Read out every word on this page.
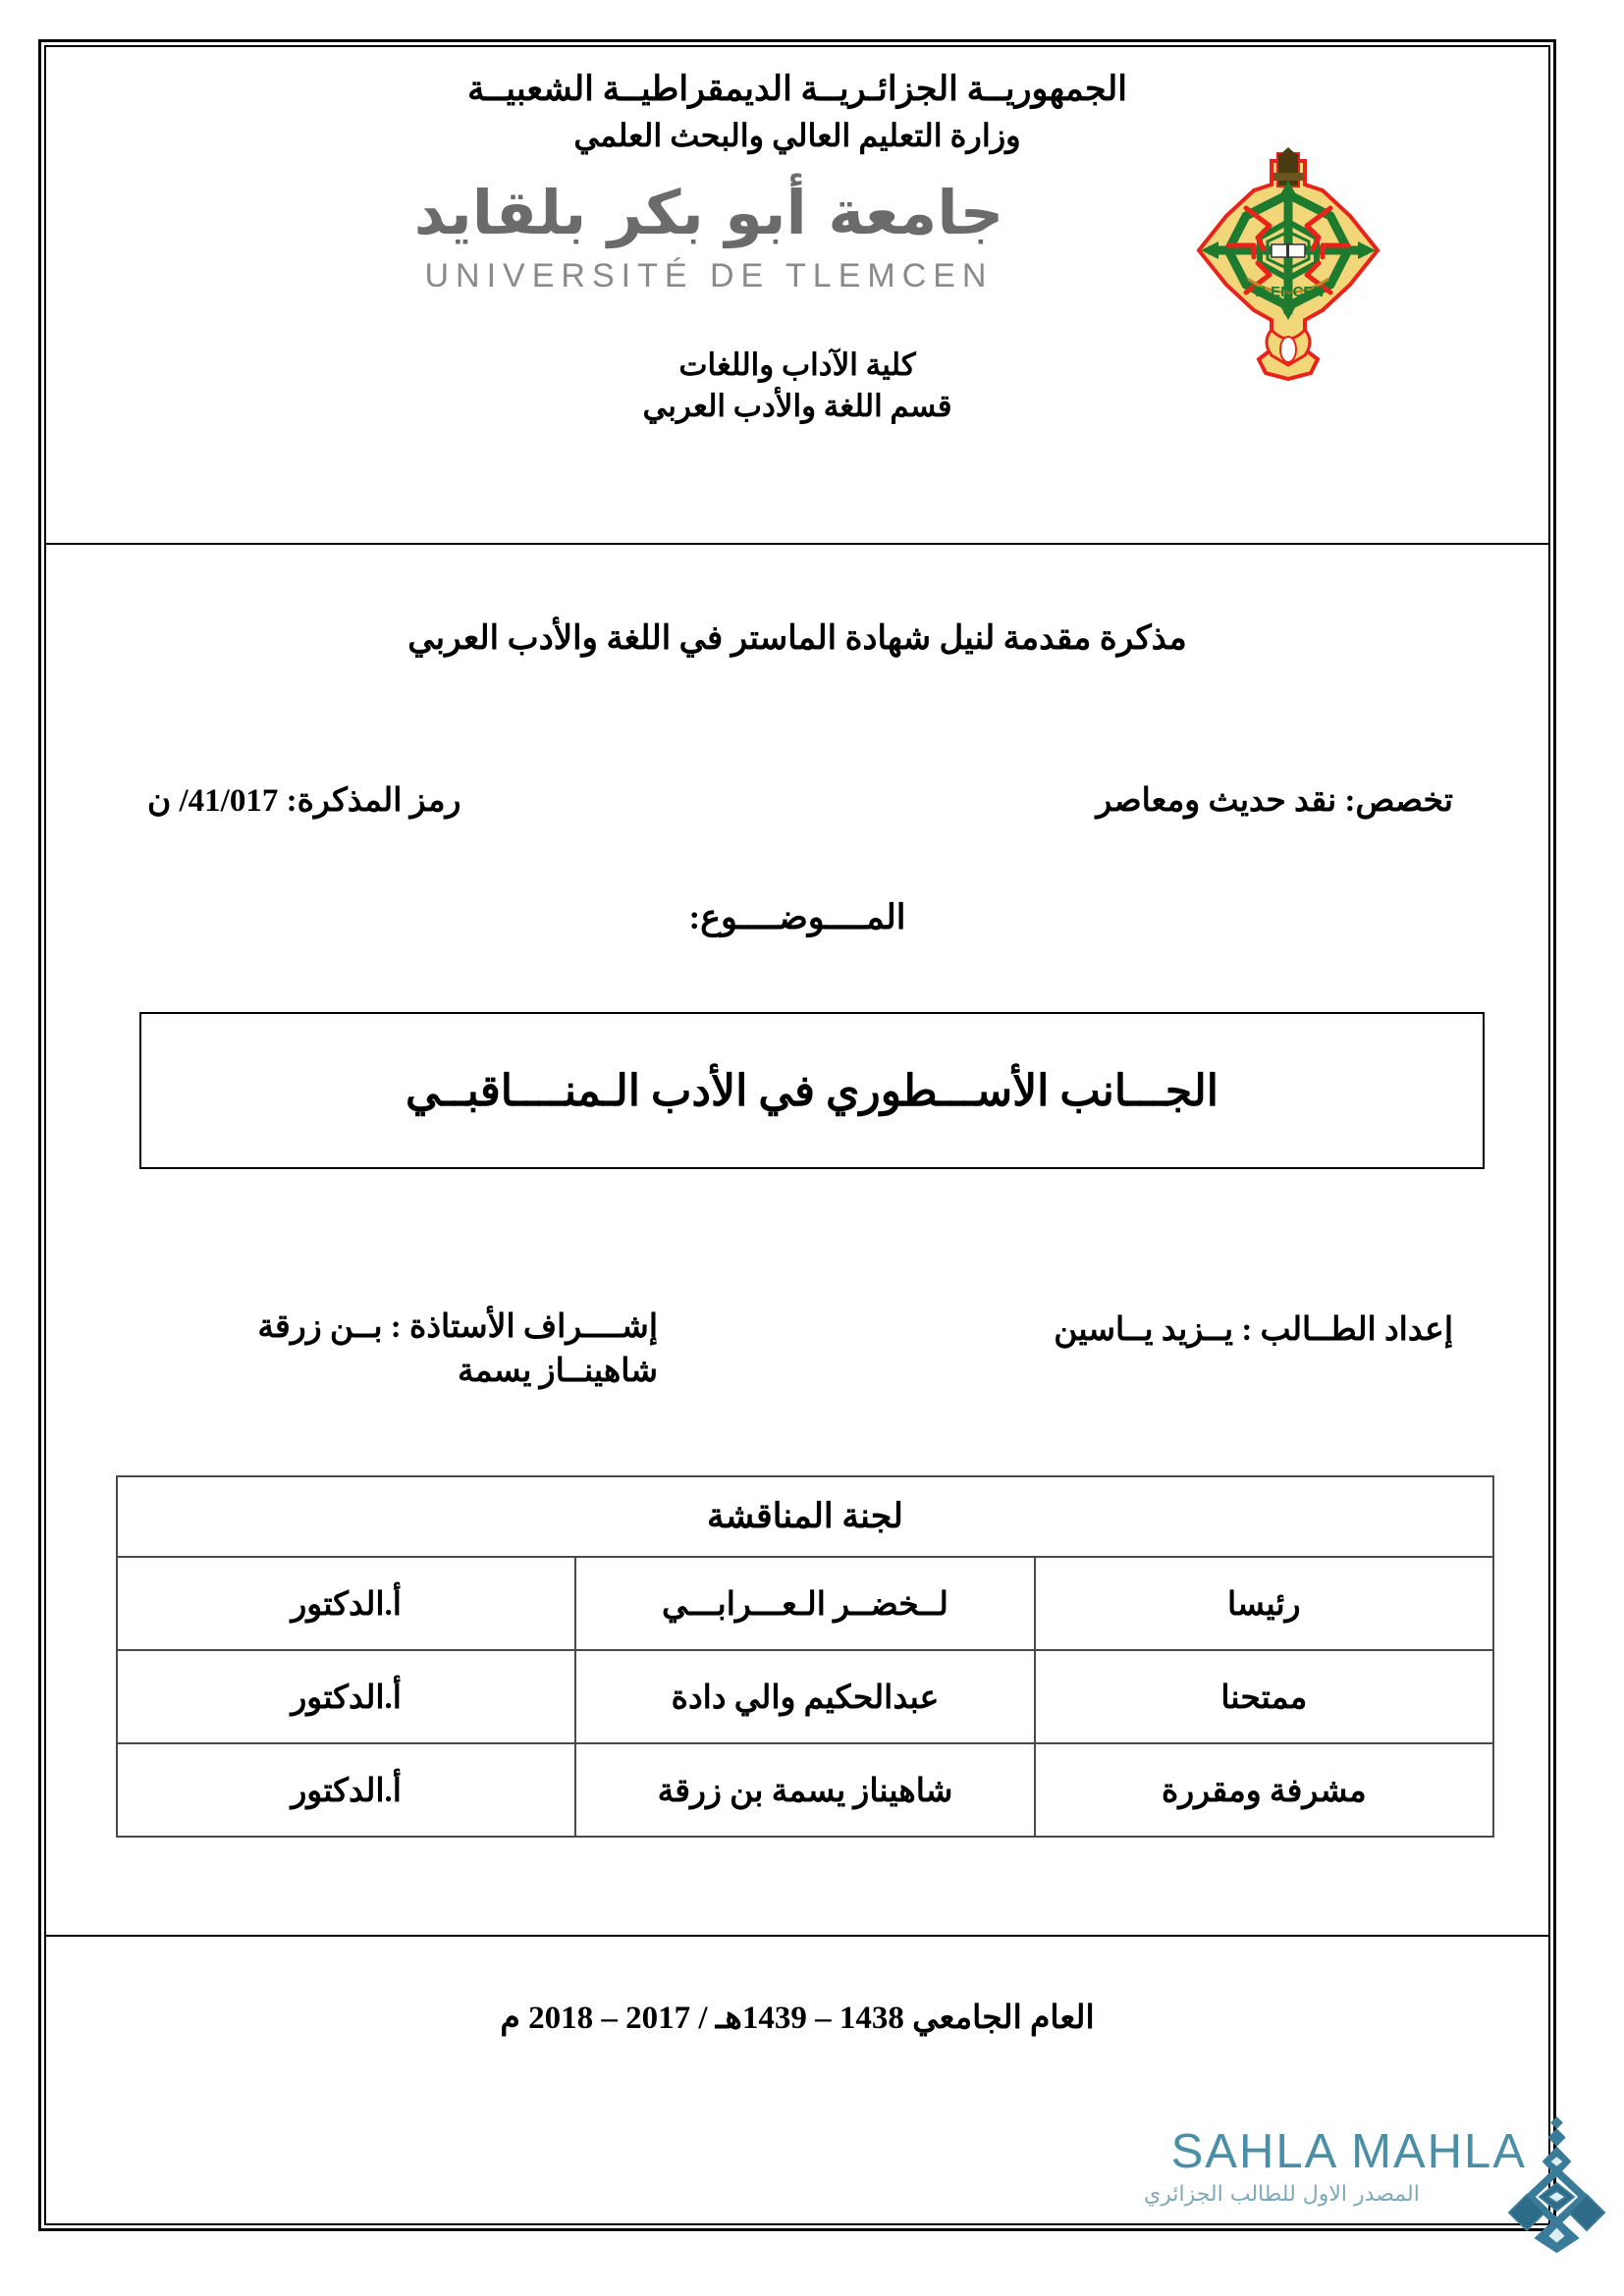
الجمهوريــة الجزائـريــة الديمقراطيــة الشعبيــة
وزارة التعليم العالي والبحث العلمي
جامعة أبو بكر بلقايد
UNIVERSITÉ DE TLEMCEN	TLEMCEN
كلية الآداب واللغات
قسم اللغة والأدب العربي
مذكرة مقدمة لنيل شهادة الماستر في اللغة والأدب العربي
تخصص: نقد حديث ومعاصر
رمز المذكرة: 41/017/ ن
المــــوضــــوع:
الجـــانب الأســـطوري في الأدب الـمنــــاقبــي
إعداد الطــالب : يــزيد يــاسين
إشــــراف الأستاذة : بــن زرقة شاهينــاز يسمة
لجنة المناقشة		
رئيسا	لــخضــر الـعـــرابـــي	أ.الدكتور
ممتحنا	عبدالحكيم والي دادة	أ.الدكتور
مشرفة ومقررة	شاهيناز يسمة بن زرقة	أ.الدكتور
العام الجامعي 1438 – 1439هـ / 2017 – 2018 م
SAHLA MAHLA
المصدر الاول للطالب الجزائري
